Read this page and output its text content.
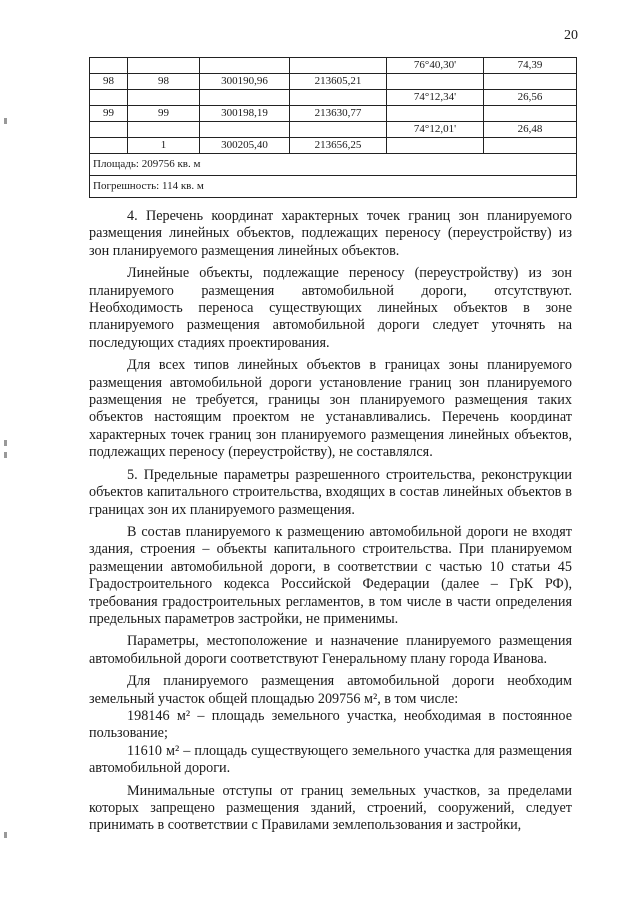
20
				76°40,30'	74,39
98	98	300190,96	213605,21		
				74°12,34'	26,56
99	99	300198,19	213630,77		
				74°12,01'	26,48
	1	300205,40	213656,25		
Площадь: 209756 кв. м					
Погрешность: 114 кв. м					

4. Перечень координат характерных точек границ зон планируемого размещения линейных объектов, подлежащих переносу (переустройству) из зон планируемого размещения линейных объектов.

Линейные объекты, подлежащие переносу (переустройству) из зон планируемого размещения автомобильной дороги, отсутствуют. Необходимость переноса существующих линейных объектов в зоне планируемого размещения автомобильной дороги следует уточнять на последующих стадиях проектирования.

Для всех типов линейных объектов в границах зоны планируемого размещения автомобильной дороги установление границ зон планируемого размещения не требуется, границы зон планируемого размещения таких объектов настоящим проектом не устанавливались. Перечень координат характерных точек границ зон планируемого размещения линейных объектов, подлежащих переносу (переустройству), не составлялся.

5. Предельные параметры разрешенного строительства, реконструкции объектов капитального строительства, входящих в состав линейных объектов в границах зон их планируемого размещения.

В состав планируемого к размещению автомобильной дороги не входят здания, строения – объекты капитального строительства. При планируемом размещении автомобильной дороги, в соответствии с частью 10 статьи 45 Градостроительного кодекса Российской Федерации (далее – ГрК РФ), требования градостроительных регламентов, в том числе в части определения предельных параметров застройки, не применимы.

Параметры, местоположение и назначение планируемого размещения автомобильной дороги соответствуют Генеральному плану города Иванова.

Для планируемого размещения автомобильной дороги необходим земельный участок общей площадью 209756 м², в том числе:

198146 м² – площадь земельного участка, необходимая в постоянное пользование;

11610 м² – площадь существующего земельного участка для размещения автомобильной дороги.

Минимальные отступы от границ земельных участков, за пределами которых запрещено размещения зданий, строений, сооружений, следует принимать в соответствии с Правилами землепользования и застройки,
